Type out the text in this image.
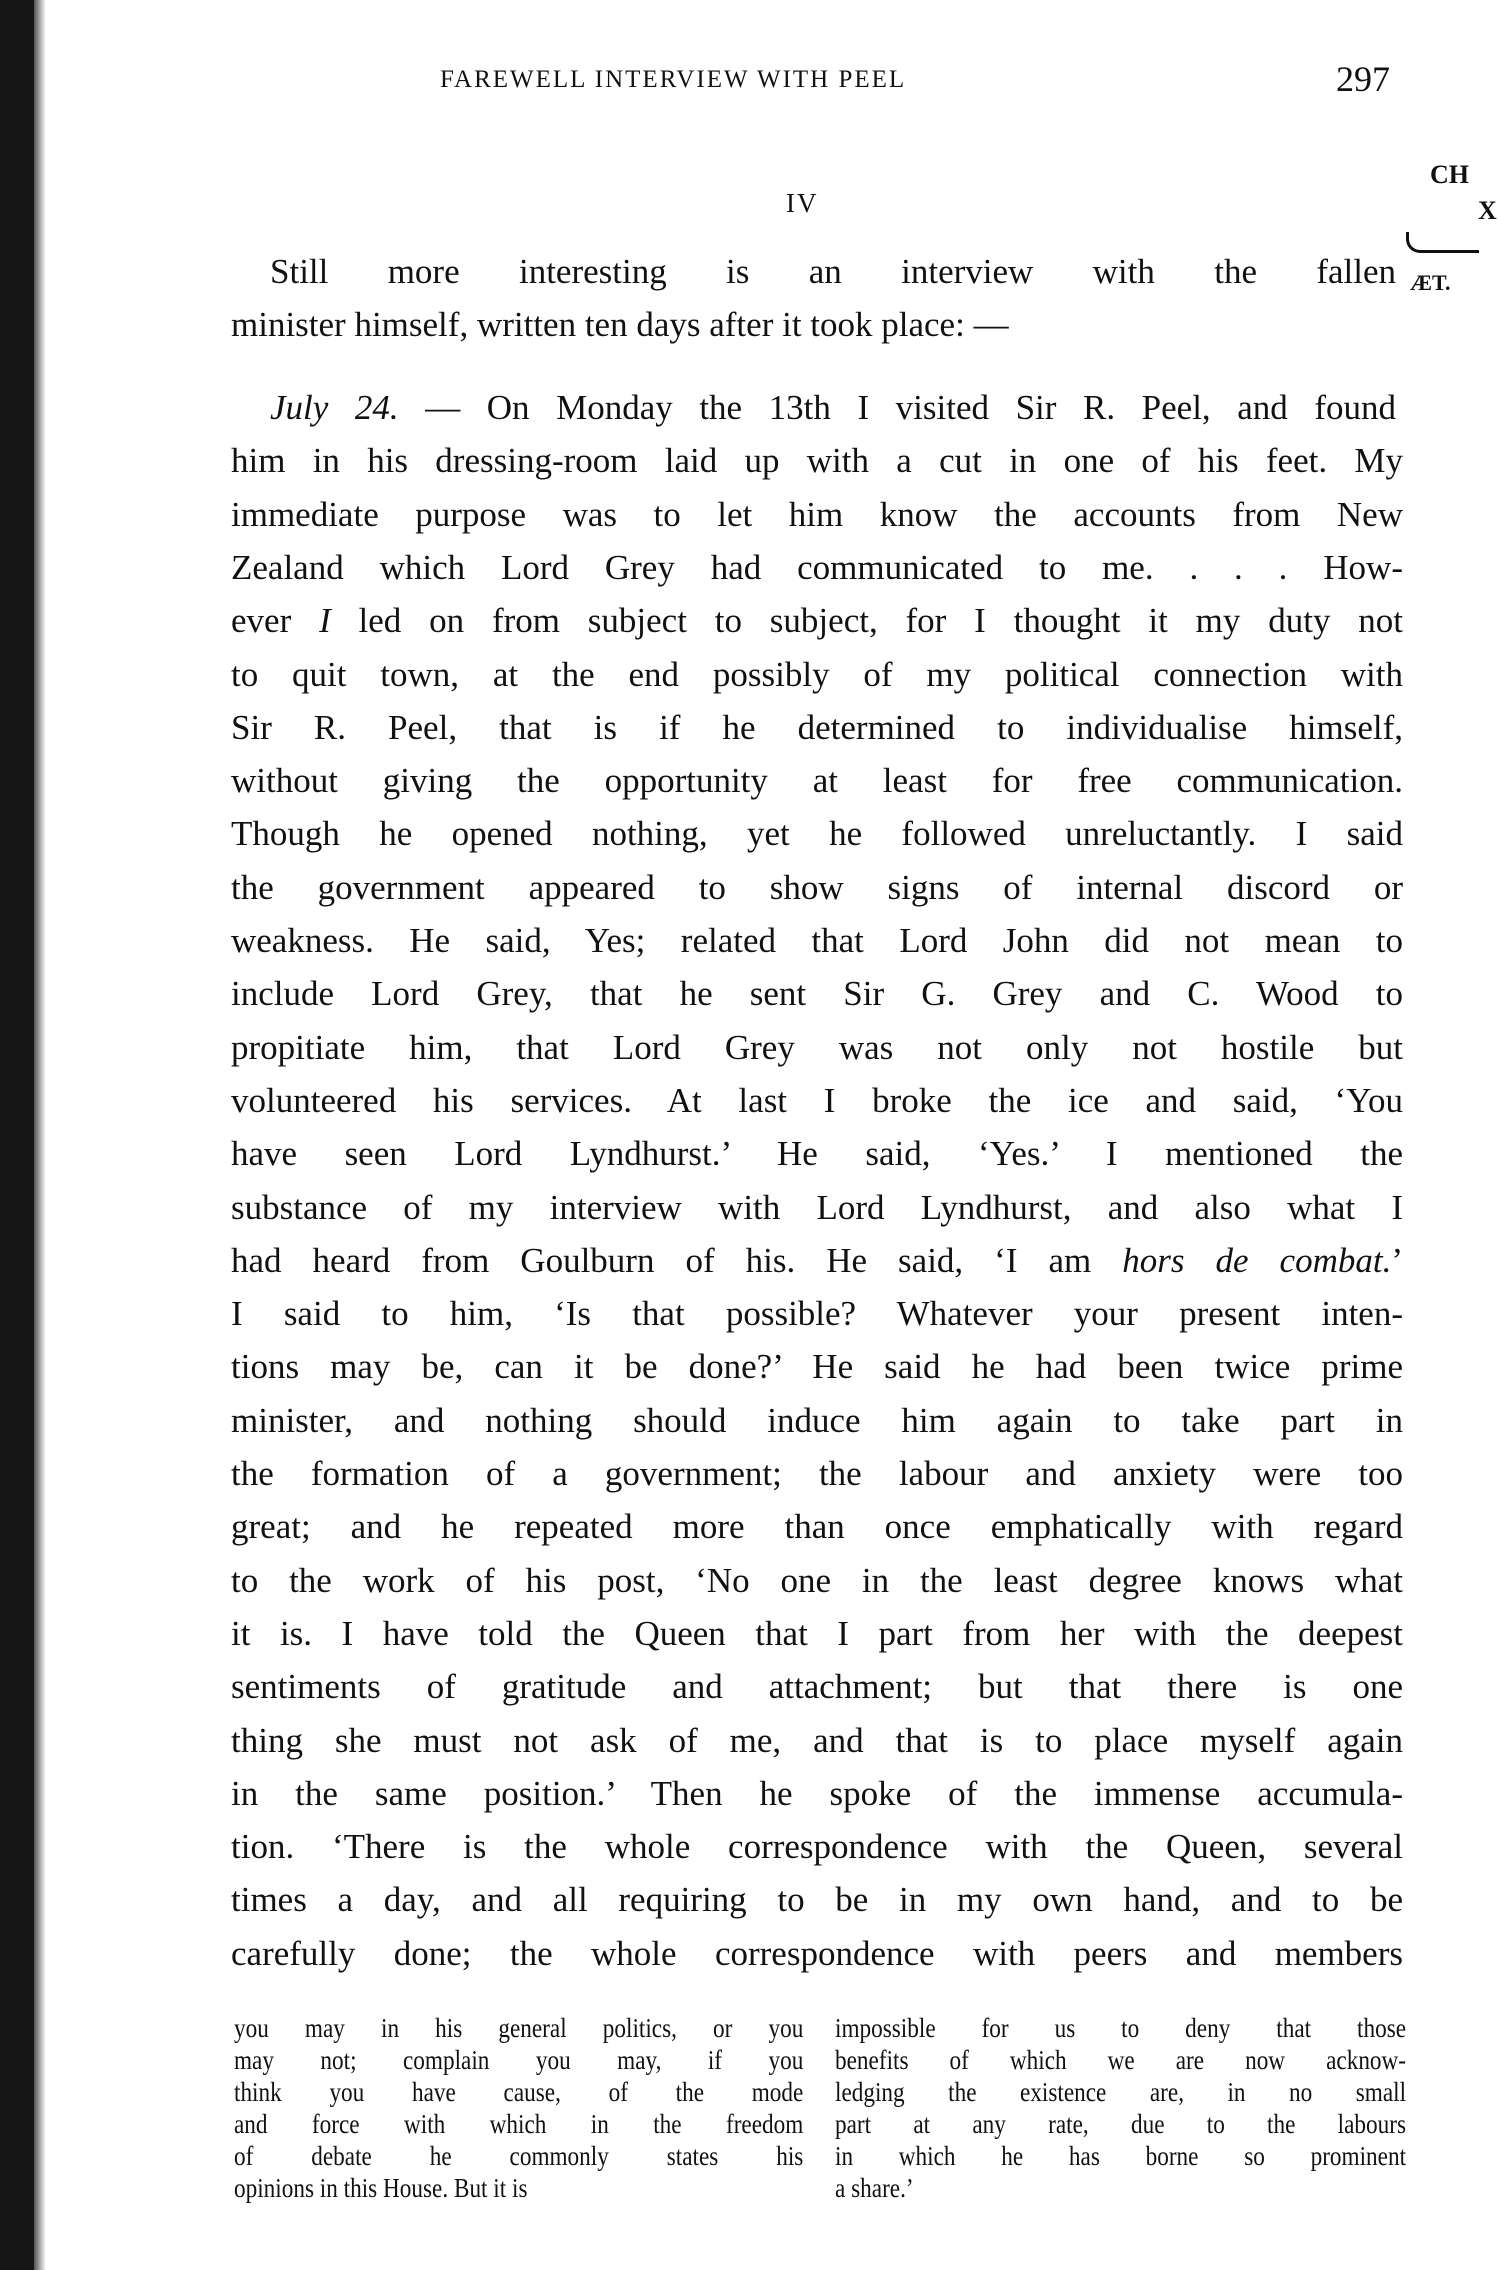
FAREWELL INTERVIEW WITH PEEL	297
IV
CH
X
ÆT.
Still more interesting is an interview with the fallen
minister himself, written ten days after it took place: —
July 24. — On Monday the 13th I visited Sir R. Peel, and found
him in his dressing-room laid up with a cut in one of his feet. My
immediate purpose was to let him know the accounts from New
Zealand which Lord Grey had communicated to me. . . . How-
ever I led on from subject to subject, for I thought it my duty not
to quit town, at the end possibly of my political connection with
Sir R. Peel, that is if he determined to individualise himself,
without giving the opportunity at least for free communication.
Though he opened nothing, yet he followed unreluctantly. I said
the government appeared to show signs of internal discord or
weakness. He said, Yes; related that Lord John did not mean to
include Lord Grey, that he sent Sir G. Grey and C. Wood to
propitiate him, that Lord Grey was not only not hostile but
volunteered his services. At last I broke the ice and said, ‘You
have seen Lord Lyndhurst.’ He said, ‘Yes.’ I mentioned the
substance of my interview with Lord Lyndhurst, and also what I
had heard from Goulburn of his. He said, ‘I am hors de combat.’
I said to him, ‘Is that possible? Whatever your present inten-
tions may be, can it be done?’ He said he had been twice prime
minister, and nothing should induce him again to take part in
the formation of a government; the labour and anxiety were too
great; and he repeated more than once emphatically with regard
to the work of his post, ‘No one in the least degree knows what
it is. I have told the Queen that I part from her with the deepest
sentiments of gratitude and attachment; but that there is one
thing she must not ask of me, and that is to place myself again
in the same position.’ Then he spoke of the immense accumula-
tion. ‘There is the whole correspondence with the Queen, several
times a day, and all requiring to be in my own hand, and to be
carefully done; the whole correspondence with peers and members
you may in his general politics, or you
may not; complain you may, if you
think you have cause, of the mode
and force with which in the freedom
of debate he commonly states his
opinions in this House. But it is
impossible for us to deny that those
benefits of which we are now acknow-
ledging the existence are, in no small
part at any rate, due to the labours
in which he has borne so prominent
a share.’
